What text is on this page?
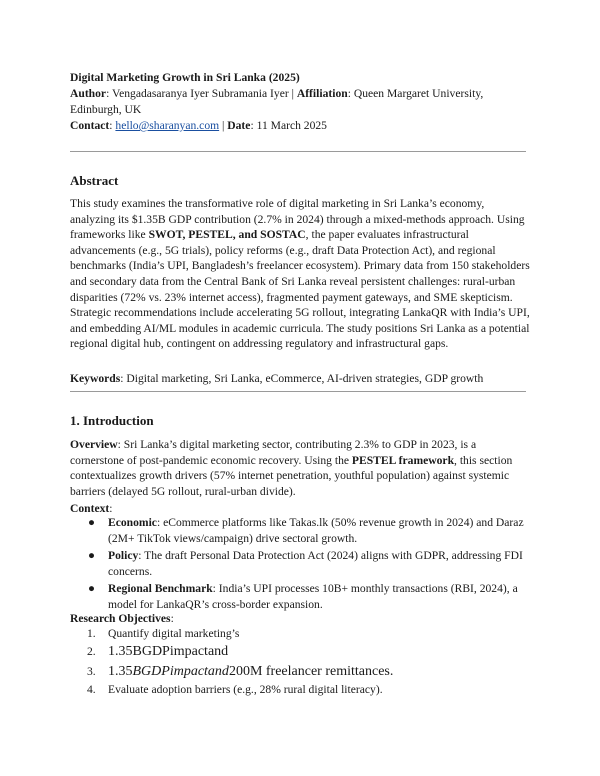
Digital Marketing Growth in Sri Lanka (2025)
Author: Vengadasaranya Iyer Subramania Iyer | Affiliation: Queen Margaret University, Edinburgh, UK
Contact: hello@sharanyan.com | Date: 11 March 2025
Abstract
This study examines the transformative role of digital marketing in Sri Lanka’s economy, analyzing its $1.35B GDP contribution (2.7% in 2024) through a mixed-methods approach. Using frameworks like SWOT, PESTEL, and SOSTAC, the paper evaluates infrastructural advancements (e.g., 5G trials), policy reforms (e.g., draft Data Protection Act), and regional benchmarks (India’s UPI, Bangladesh’s freelancer ecosystem). Primary data from 150 stakeholders and secondary data from the Central Bank of Sri Lanka reveal persistent challenges: rural-urban disparities (72% vs. 23% internet access), fragmented payment gateways, and SME skepticism. Strategic recommendations include accelerating 5G rollout, integrating LankaQR with India’s UPI, and embedding AI/ML modules in academic curricula. The study positions Sri Lanka as a potential regional digital hub, contingent on addressing regulatory and infrastructural gaps.
Keywords: Digital marketing, Sri Lanka, eCommerce, AI-driven strategies, GDP growth
1. Introduction
Overview: Sri Lanka’s digital marketing sector, contributing 2.3% to GDP in 2023, is a cornerstone of post-pandemic economic recovery. Using the PESTEL framework, this section contextualizes growth drivers (57% internet penetration, youthful population) against systemic barriers (delayed 5G rollout, rural-urban divide).
Context:
● Economic: eCommerce platforms like Takas.lk (50% revenue growth in 2024) and Daraz (2M+ TikTok views/campaign) drive sectoral growth.
● Policy: The draft Personal Data Protection Act (2024) aligns with GDPR, addressing FDI concerns.
● Regional Benchmark: India’s UPI processes 10B+ monthly transactions (RBI, 2024), a model for LankaQR’s cross-border expansion.
Research Objectives:
1. Quantify digital marketing’s
2. 1.35BGDPimpactand
3. 1.35BGDPimpactand200M freelancer remittances.
4. Evaluate adoption barriers (e.g., 28% rural digital literacy).
